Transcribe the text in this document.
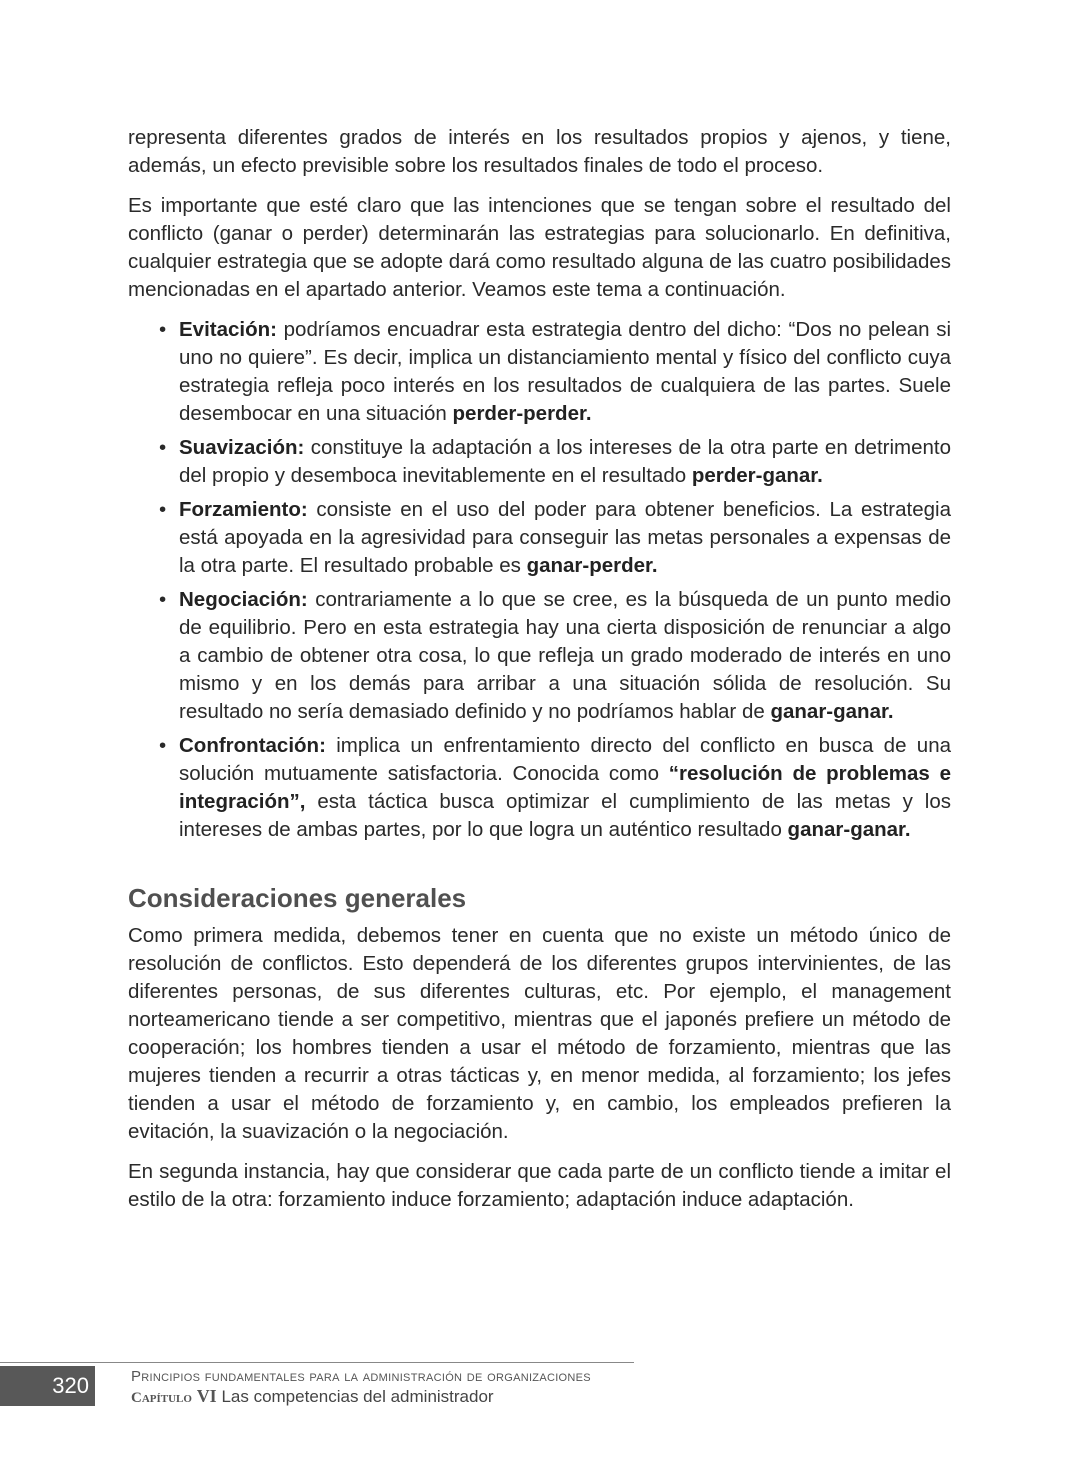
representa diferentes grados de interés en los resultados propios y ajenos, y tiene, además, un efecto previsible sobre los resultados finales de todo el proceso.

Es importante que esté claro que las intenciones que se tengan sobre el resultado del conflicto (ganar o perder) determinarán las estrategias para solucionarlo. En definitiva, cualquier estrategia que se adopte dará como resultado alguna de las cuatro posibilidades mencionadas en el apartado anterior. Veamos este tema a continuación.

• Evitación: podríamos encuadrar esta estrategia dentro del dicho: “Dos no pelean si uno no quiere”. Es decir, implica un distanciamiento mental y físico del conflicto cuya estrategia refleja poco interés en los resultados de cualquiera de las partes. Suele desembocar en una situación perder-perder.
• Suavización: constituye la adaptación a los intereses de la otra parte en detrimento del propio y desemboca inevitablemente en el resultado perder-ganar.
• Forzamiento: consiste en el uso del poder para obtener beneficios. La estrategia está apoyada en la agresividad para conseguir las metas personales a expensas de la otra parte. El resultado probable es ganar-perder.
• Negociación: contrariamente a lo que se cree, es la búsqueda de un punto medio de equilibrio. Pero en esta estrategia hay una cierta disposición de renunciar a algo a cambio de obtener otra cosa, lo que refleja un grado moderado de interés en uno mismo y en los demás para arribar a una situación sólida de resolución. Su resultado no sería demasiado definido y no podríamos hablar de ganar-ganar.
• Confrontación: implica un enfrentamiento directo del conflicto en busca de una solución mutuamente satisfactoria. Conocida como “resolución de problemas e integración”, esta táctica busca optimizar el cumplimiento de las metas y los intereses de ambas partes, por lo que logra un auténtico resultado ganar-ganar.
Consideraciones generales

Como primera medida, debemos tener en cuenta que no existe un método único de resolución de conflictos. Esto dependerá de los diferentes grupos intervinientes, de las diferentes personas, de sus diferentes culturas, etc. Por ejemplo, el management norteamericano tiende a ser competitivo, mientras que el japonés prefiere un método de cooperación; los hombres tienden a usar el método de forzamiento, mientras que las mujeres tienden a recurrir a otras tácticas y, en menor medida, al forzamiento; los jefes tienden a usar el método de forzamiento y, en cambio, los empleados prefieren la evitación, la suavización o la negociación.

En segunda instancia, hay que considerar que cada parte de un conflicto tiende a imitar el estilo de la otra: forzamiento induce forzamiento; adaptación induce adaptación.

320	Principios fundamentales para la administración de organizaciones
Capítulo VI Las competencias del administrador
